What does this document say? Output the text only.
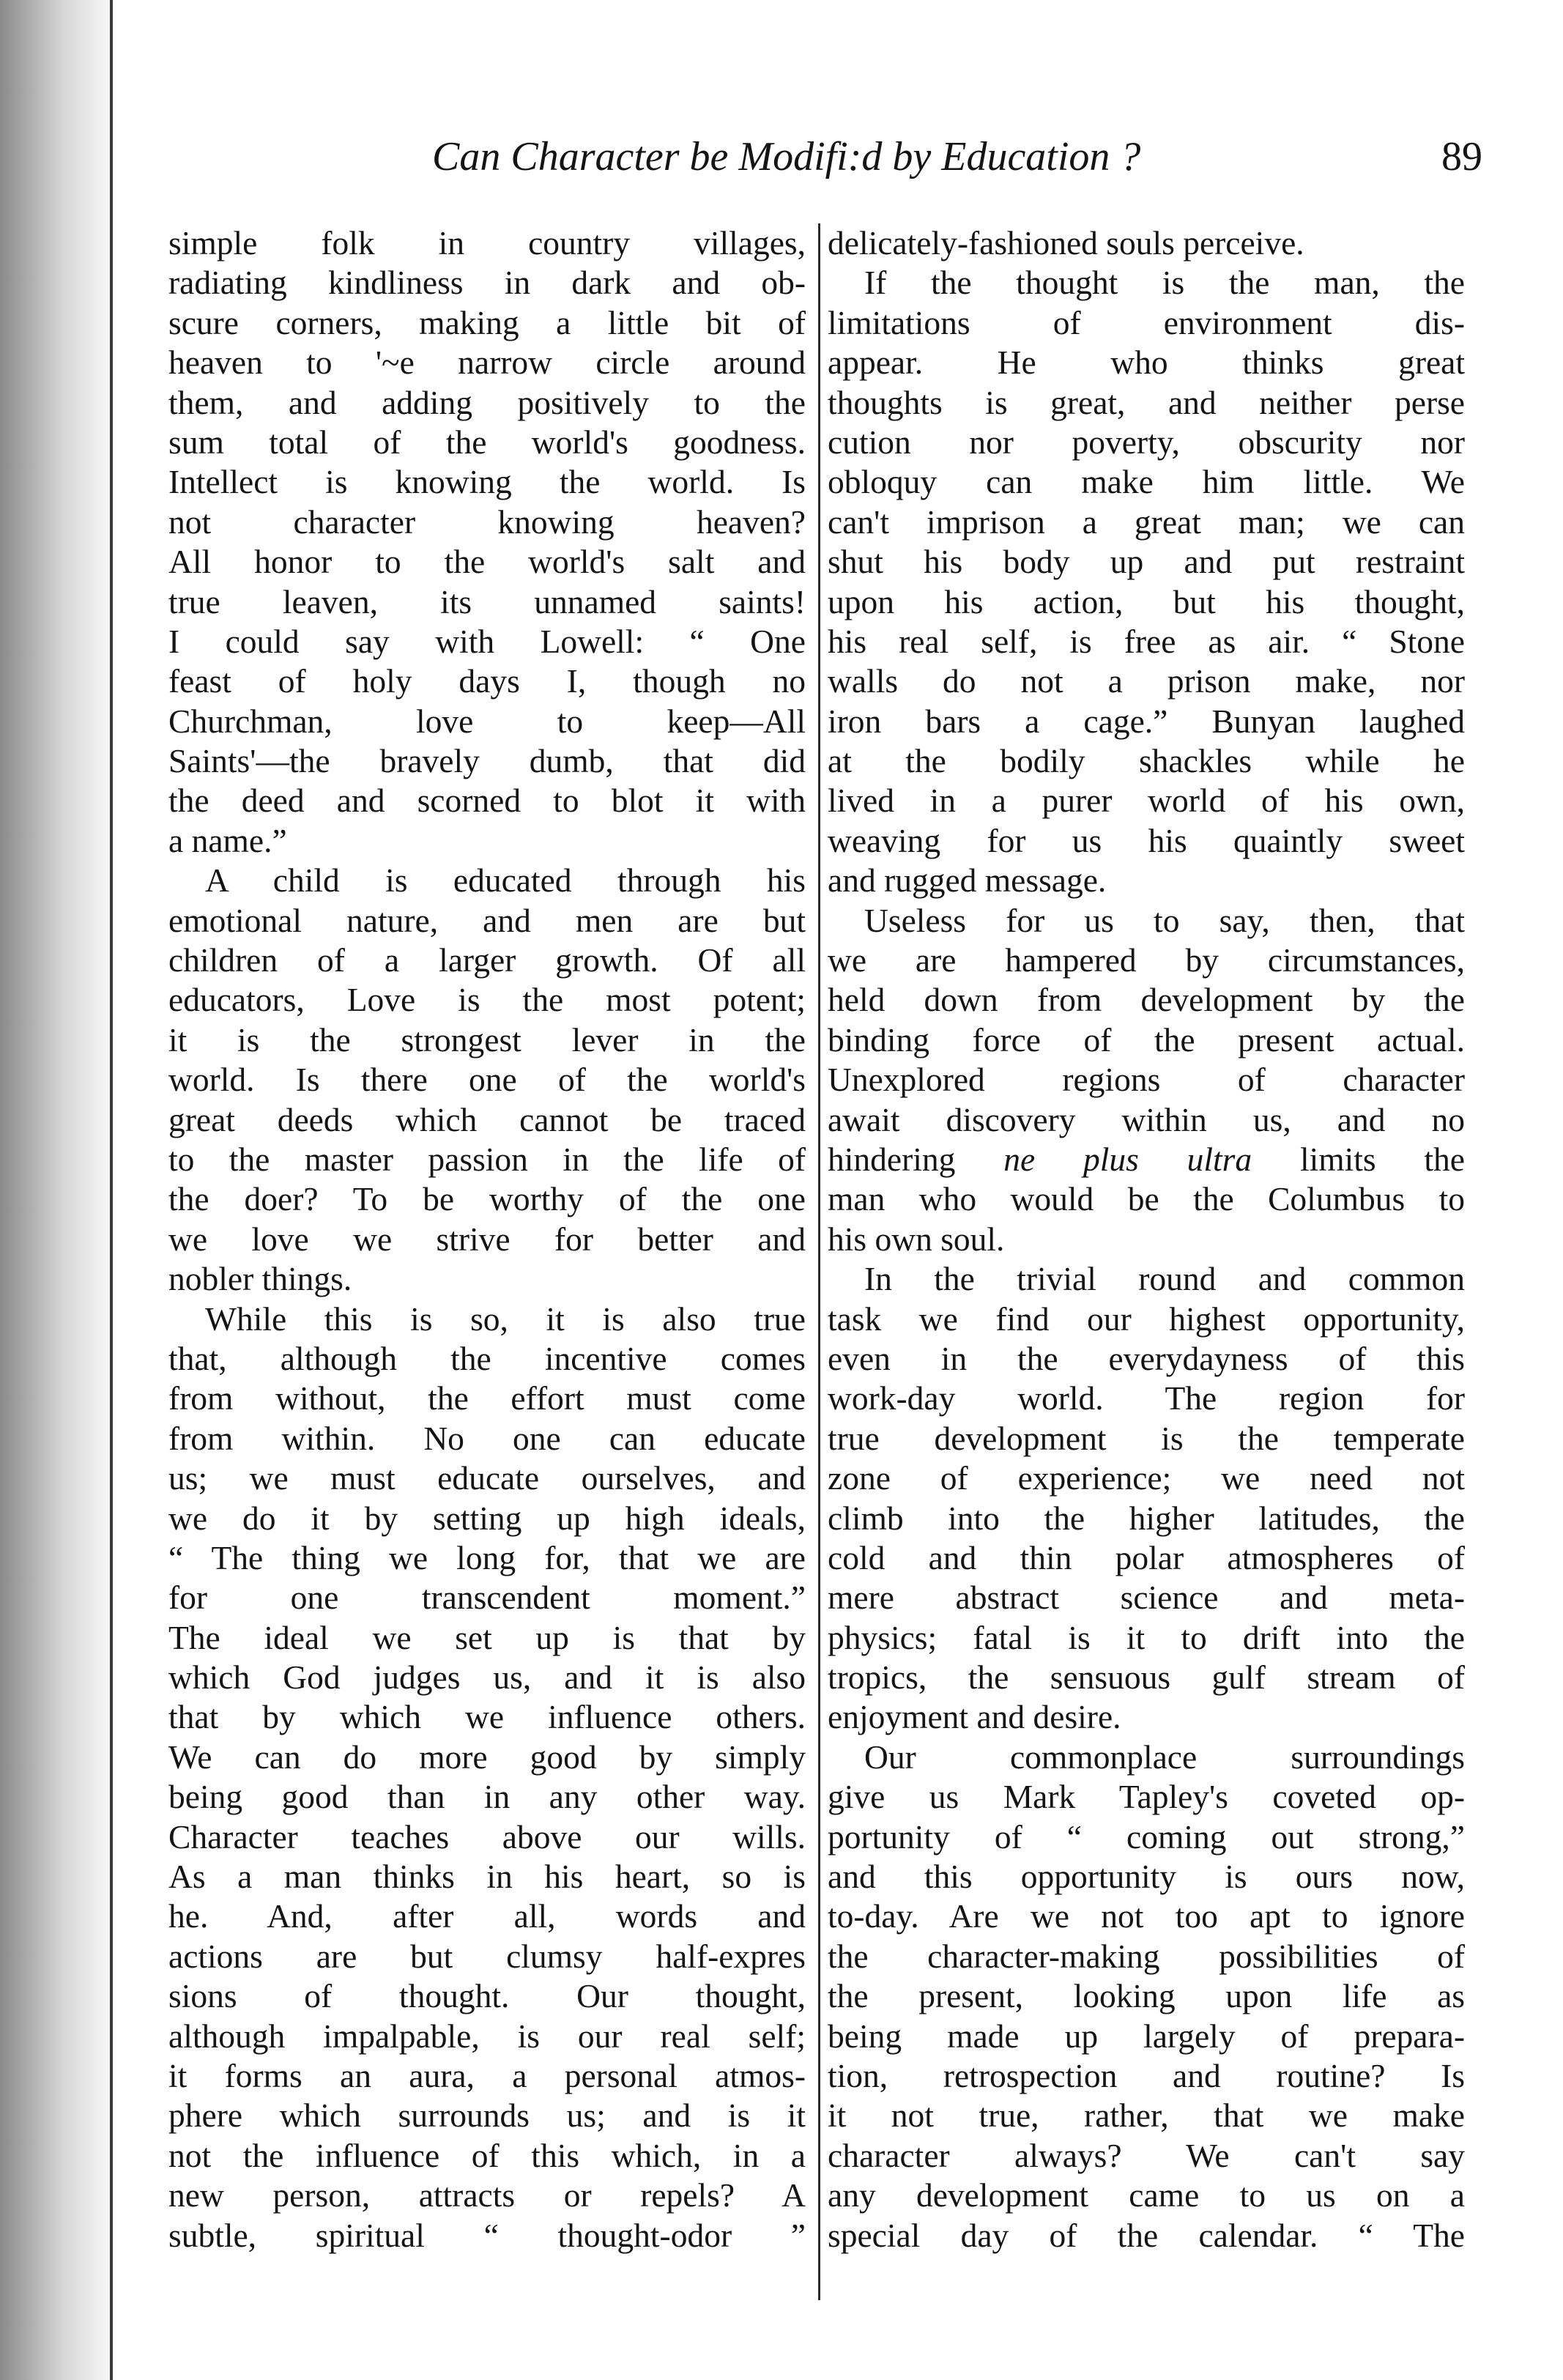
Can Character be Modifi:d by Education ?	89
simple folk in country villages,
radiating kindliness in dark and ob-
scure corners, making a little bit of
heaven to '~e narrow circle around
them, and adding positively to the
sum total of the world's goodness.
Intellect is knowing the world. Is
not character knowing heaven?
All honor to the world's salt and
true leaven, its unnamed saints!
I could say with Lowell: “ One
feast of holy days I, though no
Churchman, love to keep—All
Saints'—the bravely dumb, that did
the deed and scorned to blot it with
a name.”
A child is educated through his
emotional nature, and men are but
children of a larger growth. Of all
educators, Love is the most potent;
it is the strongest lever in the
world. Is there one of the world's
great deeds which cannot be traced
to the master passion in the life of
the doer? To be worthy of the one
we love we strive for better and
nobler things.
While this is so, it is also true
that, although the incentive comes
from without, the effort must come
from within. No one can educate
us; we must educate ourselves, and
we do it by setting up high ideals,
“ The thing we long for, that we are
for one transcendent moment.”
The ideal we set up is that by
which God judges us, and it is also
that by which we influence others.
We can do more good by simply
being good than in any other way.
Character teaches above our wills.
As a man thinks in his heart, so is
he. And, after all, words and
actions are but clumsy half-expres
sions of thought. Our thought,
although impalpable, is our real self;
it forms an aura, a personal atmos-
phere which surrounds us; and is it
not the influence of this which, in a
new person, attracts or repels? A
subtle, spiritual “ thought-odor ”
delicately-fashioned souls perceive.
If the thought is the man, the
limitations of environment dis-
appear. He who thinks great
thoughts is great, and neither perse
cution nor poverty, obscurity nor
obloquy can make him little. We
can't imprison a great man; we can
shut his body up and put restraint
upon his action, but his thought,
his real self, is free as air. “ Stone
walls do not a prison make, nor
iron bars a cage.” Bunyan laughed
at the bodily shackles while he
lived in a purer world of his own,
weaving for us his quaintly sweet
and rugged message.
Useless for us to say, then, that
we are hampered by circumstances,
held down from development by the
binding force of the present actual.
Unexplored regions of character
await discovery within us, and no
hindering ne plus ultra limits the
man who would be the Columbus to
his own soul.
In the trivial round and common
task we find our highest opportunity,
even in the everydayness of this
work-day world. The region for
true development is the temperate
zone of experience; we need not
climb into the higher latitudes, the
cold and thin polar atmospheres of
mere abstract science and meta-
physics; fatal is it to drift into the
tropics, the sensuous gulf stream of
enjoyment and desire.
Our commonplace surroundings
give us Mark Tapley's coveted op-
portunity of “ coming out strong,”
and this opportunity is ours now,
to-day. Are we not too apt to ignore
the character-making possibilities of
the present, looking upon life as
being made up largely of prepara-
tion, retrospection and routine? Is
it not true, rather, that we make
character always? We can't say
any development came to us on a
special day of the calendar. “ The
